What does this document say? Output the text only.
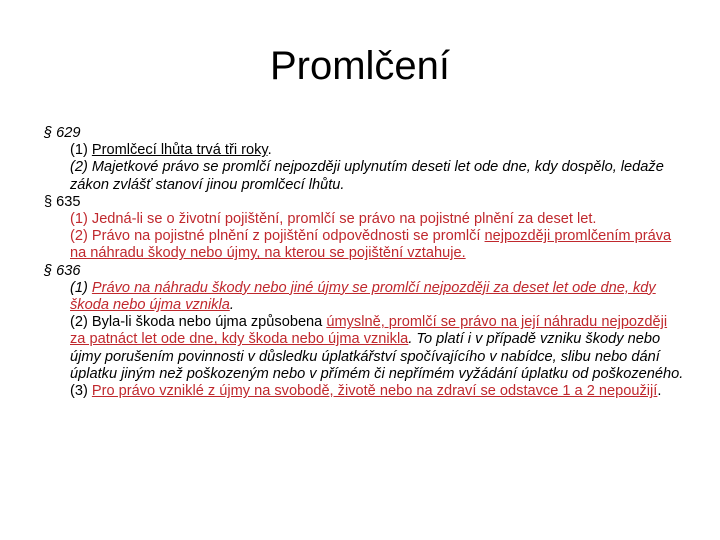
Promlčení
§ 629
(1) Promlčecí lhůta trvá tři roky.
(2) Majetkové právo se promlčí nejpozději uplynutím deseti let ode dne, kdy dospělo, ledaže zákon zvlášť stanoví jinou promlčecí lhůtu.
§ 635
(1) Jedná-li se o životní pojištění, promlčí se právo na pojistné plnění za deset let.
(2) Právo na pojistné plnění z pojištění odpovědnosti se promlčí nejpozději promlčením práva na náhradu škody nebo újmy, na kterou se pojištění vztahuje.
§ 636
(1) Právo na náhradu škody nebo jiné újmy se promlčí nejpozději za deset let ode dne, kdy škoda nebo újma vznikla.
(2) Byla-li škoda nebo újma způsobena úmyslně, promlčí se právo na její náhradu nejpozději za patnáct let ode dne, kdy škoda nebo újma vznikla. To platí i v případě vzniku škody nebo újmy porušením povinnosti v důsledku úplatkářství spočívajícího v nabídce, slibu nebo dání úplatku jiným než poškozeným nebo v přímém či nepřímém vyžádání úplatku od poškozeného.
(3) Pro právo vzniklé z újmy na svobodě, životě nebo na zdraví se odstavce 1 a 2 nepoužijí.
